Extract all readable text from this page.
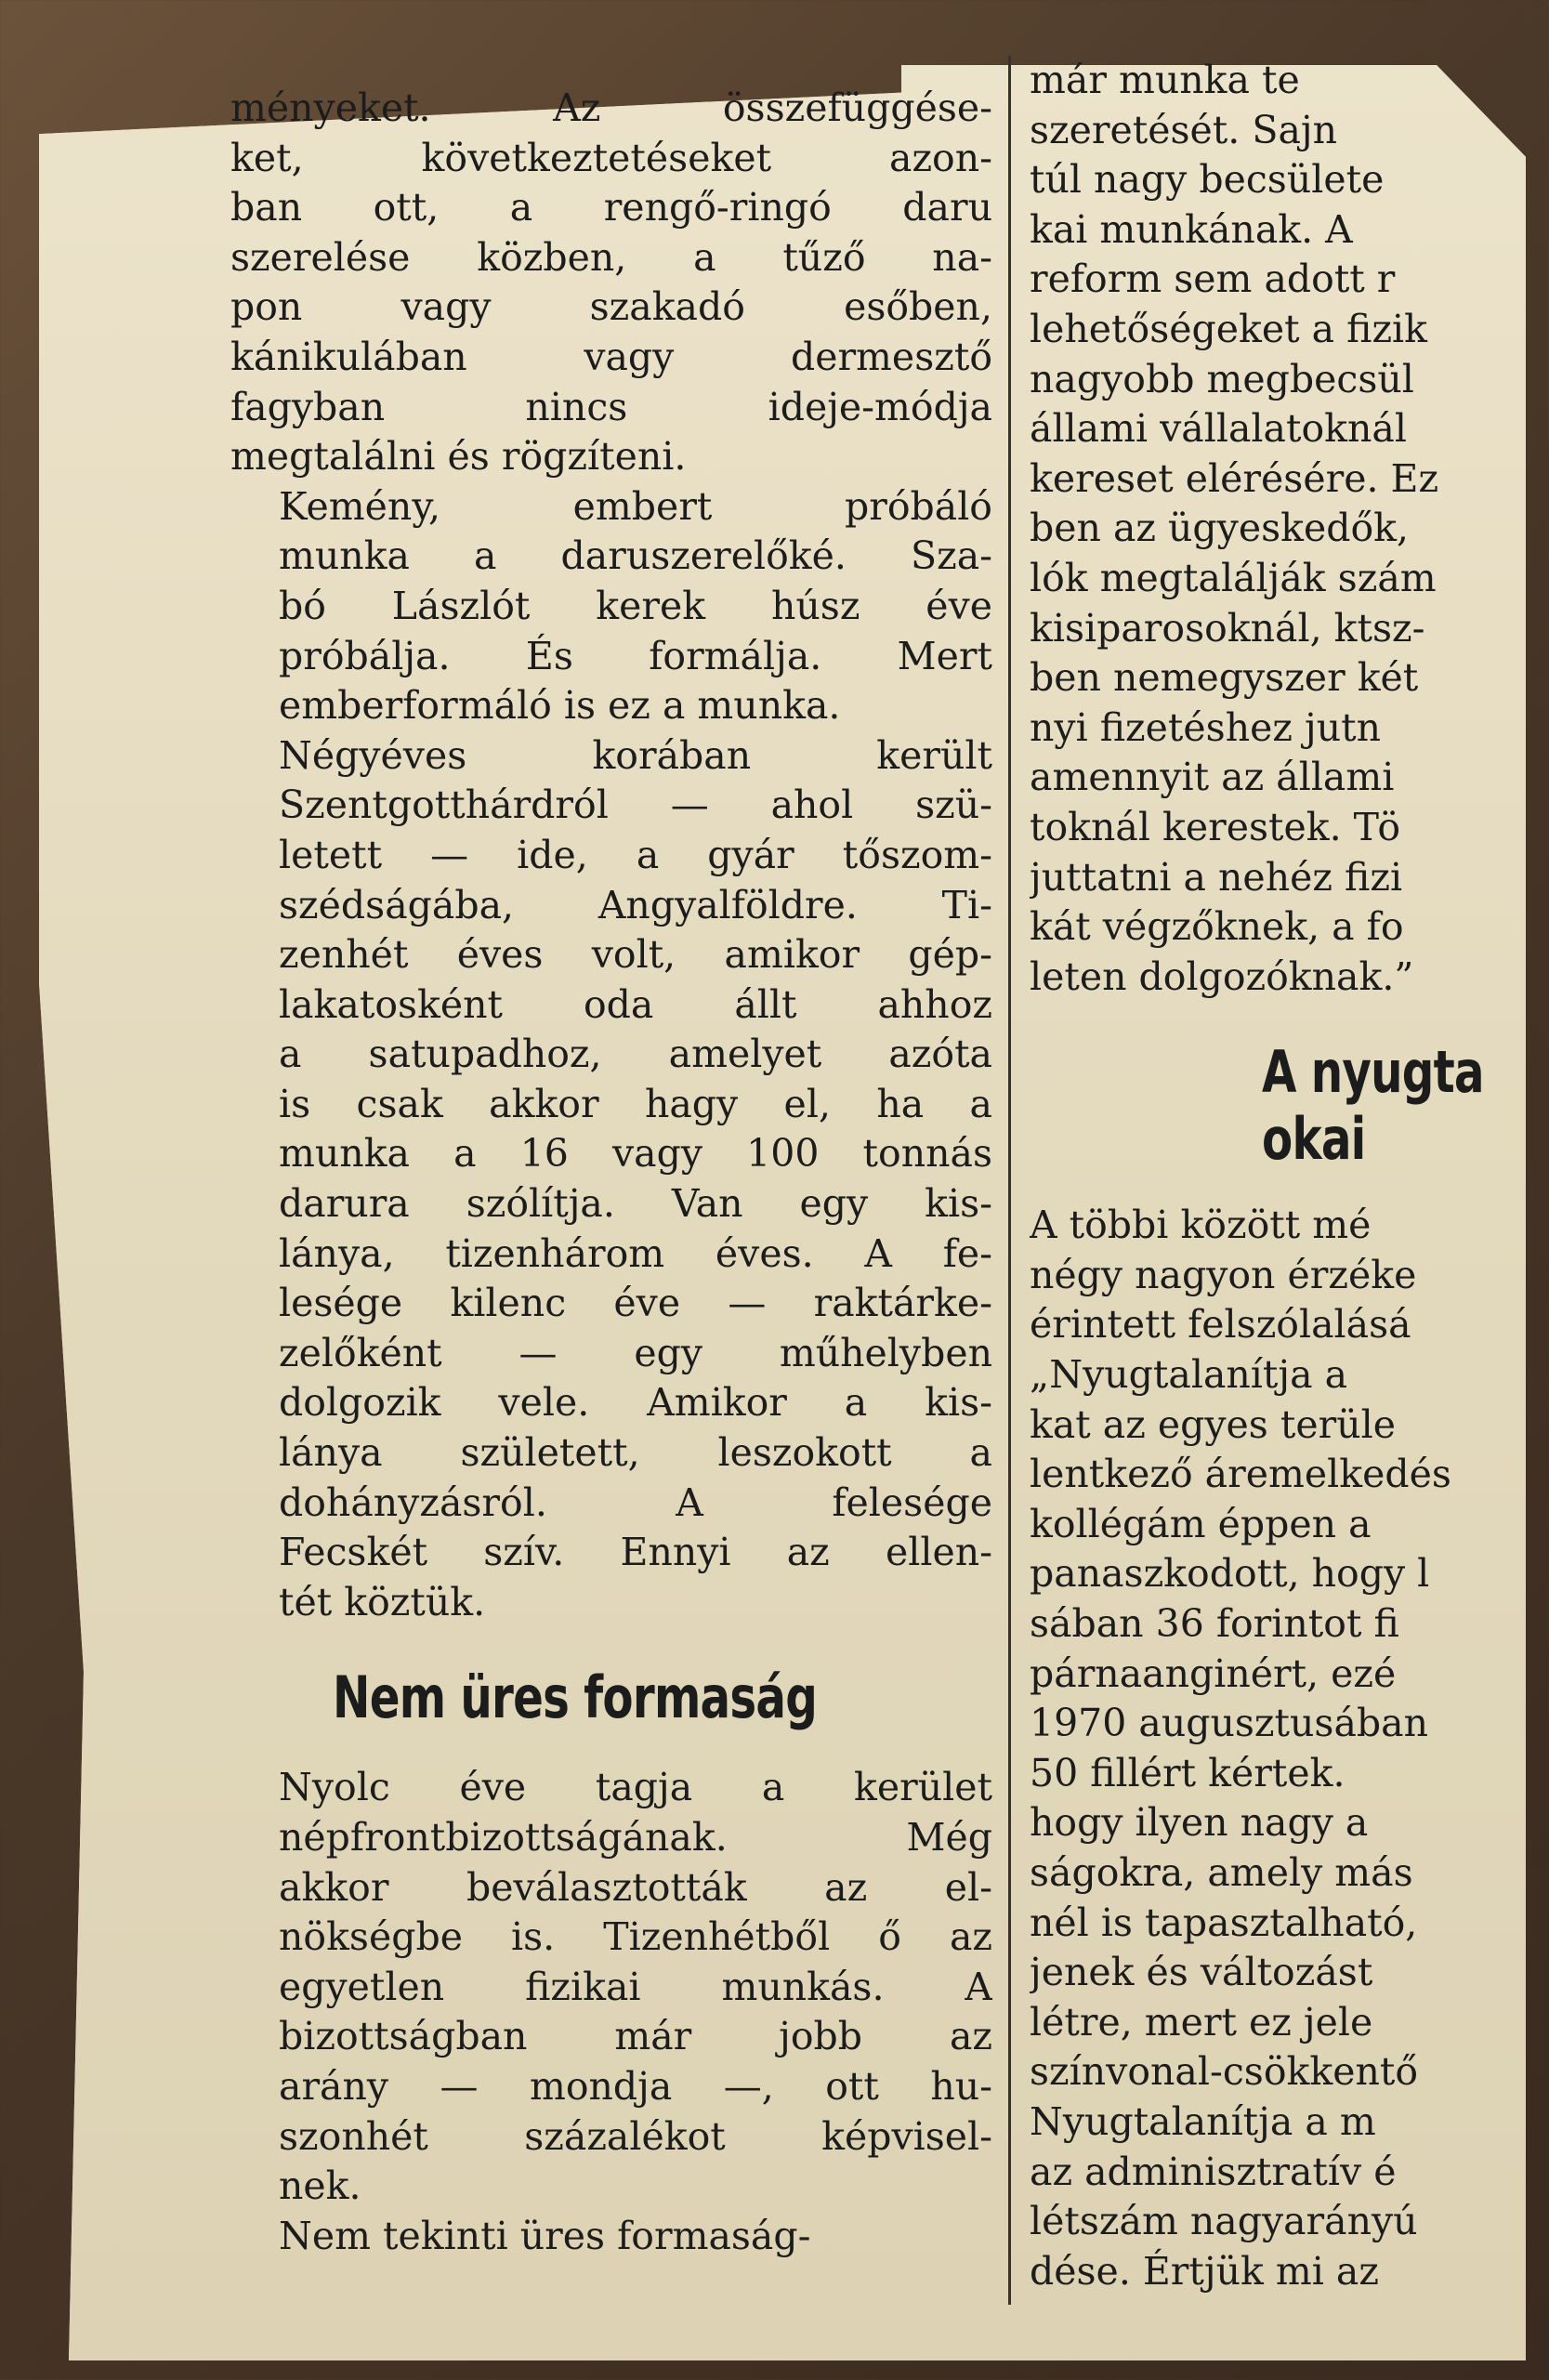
ményeket. Az összefüggése-
ket, következtetéseket azon-
ban ott, a rengő-ringó daru
szerelése közben, a tűző na-
pon vagy szakadó esőben,
kánikulában vagy dermesztő
fagyban nincs ideje-módja
megtalálni és rögzíteni.
Kemény, embert próbáló
munka a daruszerelőké. Sza-
bó Lászlót kerek húsz éve
próbálja. És formálja. Mert
emberformáló is ez a munka.
Négyéves korában került
Szentgotthárdról — ahol szü-
letett — ide, a gyár tőszom-
szédságába, Angyalföldre. Ti-
zenhét éves volt, amikor gép-
lakatosként oda állt ahhoz
a satupadhoz, amelyet azóta
is csak akkor hagy el, ha a
munka a 16 vagy 100 tonnás
darura szólítja. Van egy kis-
lánya, tizenhárom éves. A fe-
lesége kilenc éve — raktárke-
zelőként — egy műhelyben
dolgozik vele. Amikor a kis-
lánya született, leszokott a
dohányzásról. A felesége
Fecskét szív. Ennyi az ellen-
tét köztük.
Nem üres formaság
Nyolc éve tagja a kerület
népfrontbizottságának. Még
akkor beválasztották az el-
nökségbe is. Tizenhétből ő az
egyetlen fizikai munkás. A
bizottságban már jobb az
arány — mondja —, ott hu-
szonhét százalékot képvisel-
nek.
Nem tekinti üres formaság-
már munka te
szeretését. Sajn
túl nagy becsülete
kai munkának. A
reform sem adott r
lehetőségeket a fizik
nagyobb megbecsül
állami vállalatoknál
kereset elérésére. Ez
ben az ügyeskedők,
lók megtalálják szám
kisiparosoknál, ktsz-
ben nemegyszer két
nyi fizetéshez jutn
amennyit az állami
toknál kerestek. Tö
juttatni a nehéz fizi
kát végzőknek, a fo
leten dolgozóknak.”
A nyugta
okai
A többi között mé
négy nagyon érzéke
érintett felszólalásá
„Nyugtalanítja a
kat az egyes terüle
lentkező áremelkedés
kollégám éppen a
panaszkodott, hogy l
sában 36 forintot fi
párnaanginért, ezé
1970 augusztusában
50 fillért kértek.
hogy ilyen nagy a
ságokra, amely más
nél is tapasztalható,
jenek és változást
létre, mert ez jele
színvonal-csökkentő
Nyugtalanítja a m
az adminisztratív é
létszám nagyarányú
dése. Értjük mi az
